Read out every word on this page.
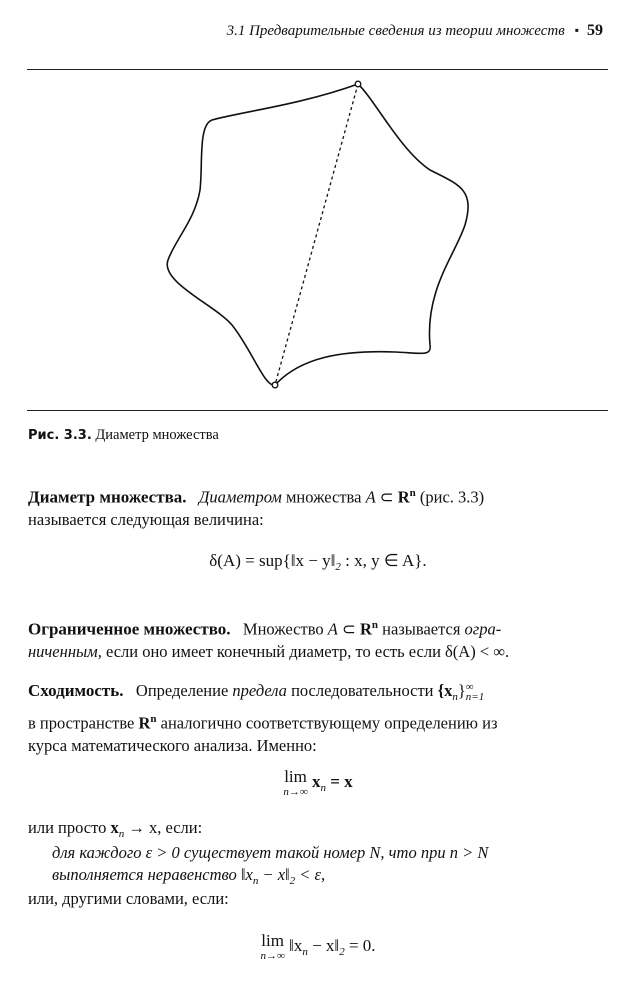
3.1 Предварительные сведения из теории множеств ▪ 59
Рис. 3.3. Диаметр множества
Диаметр множества. Диаметром множества A ⊂ $R^n$ (рис. 3.3)
называется следующая величина:
δ(A) = sup{‖x − $y‖_2$ : x, y ∈ A}.
Ограниченное множество. Множество A ⊂ $R^n$ называется огра-
ниченным, если оно имеет конечный диаметр, то есть если δ(A) < ∞.
Сходимость. Определение предела последовательности $\{x_n\}$ ∞
n=1

в пространстве $R^n$ аналогично соответствующему определению из
курса математического анализа. Именно:
lim
n→∞
$x_n = x$
или просто $x_n \to x$, если:
для каждого ε > 0 существует такой номер N, что при n > N
выполняется неравенство $‖x_n$ − $x‖_2 < \varepsilon$,
или, другими словами, если:
lim
n→∞
$‖x_n$ − $x‖_2 = 0$.
